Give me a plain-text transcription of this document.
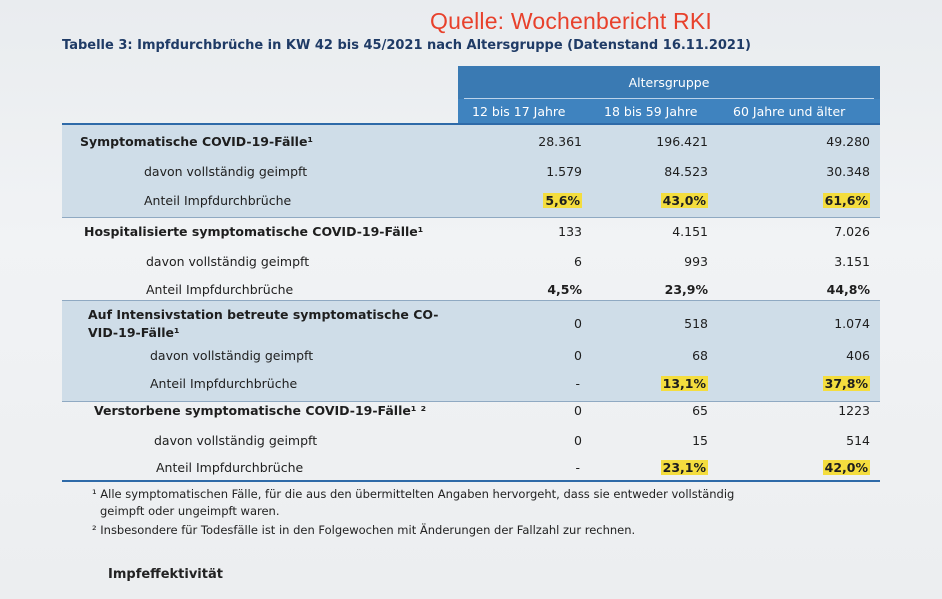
Quelle: Wochenbericht RKI
Tabelle 3: Impfdurchbrüche in KW 42 bis 45/2021 nach Altersgruppe (Datenstand 16.11.2021)
Altersgruppe
12 bis 17 Jahre	18 bis 59 Jahre	60 Jahre und älter
Symptomatische COVID-19-Fälle¹	28.361	196.421	49.280
davon vollständig geimpft	1.579	84.523	30.348
Anteil Impfdurchbrüche	5,6%	43,0%	61,6%
Hospitalisierte symptomatische COVID-19-Fälle¹	133	4.151	7.026
davon vollständig geimpft	6	993	3.151
Anteil Impfdurchbrüche	4,5%	23,9%	44,8%
Auf Intensivstation betreute symptomatische CO-
VID-19-Fälle¹
0	518	1.074
davon vollständig geimpft	0	68	406
Anteil Impfdurchbrüche	-	13,1%	37,8%
Verstorbene symptomatische COVID-19-Fälle¹ ²	0	65	1223
davon vollständig geimpft	0	15	514
Anteil Impfdurchbrüche	-	23,1%	42,0%
¹ Alle symptomatischen Fälle, für die aus den übermittelten Angaben hervorgeht, dass sie entweder vollständig
geimpft oder ungeimpft waren.
² Insbesondere für Todesfälle ist in den Folgewochen mit Änderungen der Fallzahl zur rechnen.
Impfeffektivität
